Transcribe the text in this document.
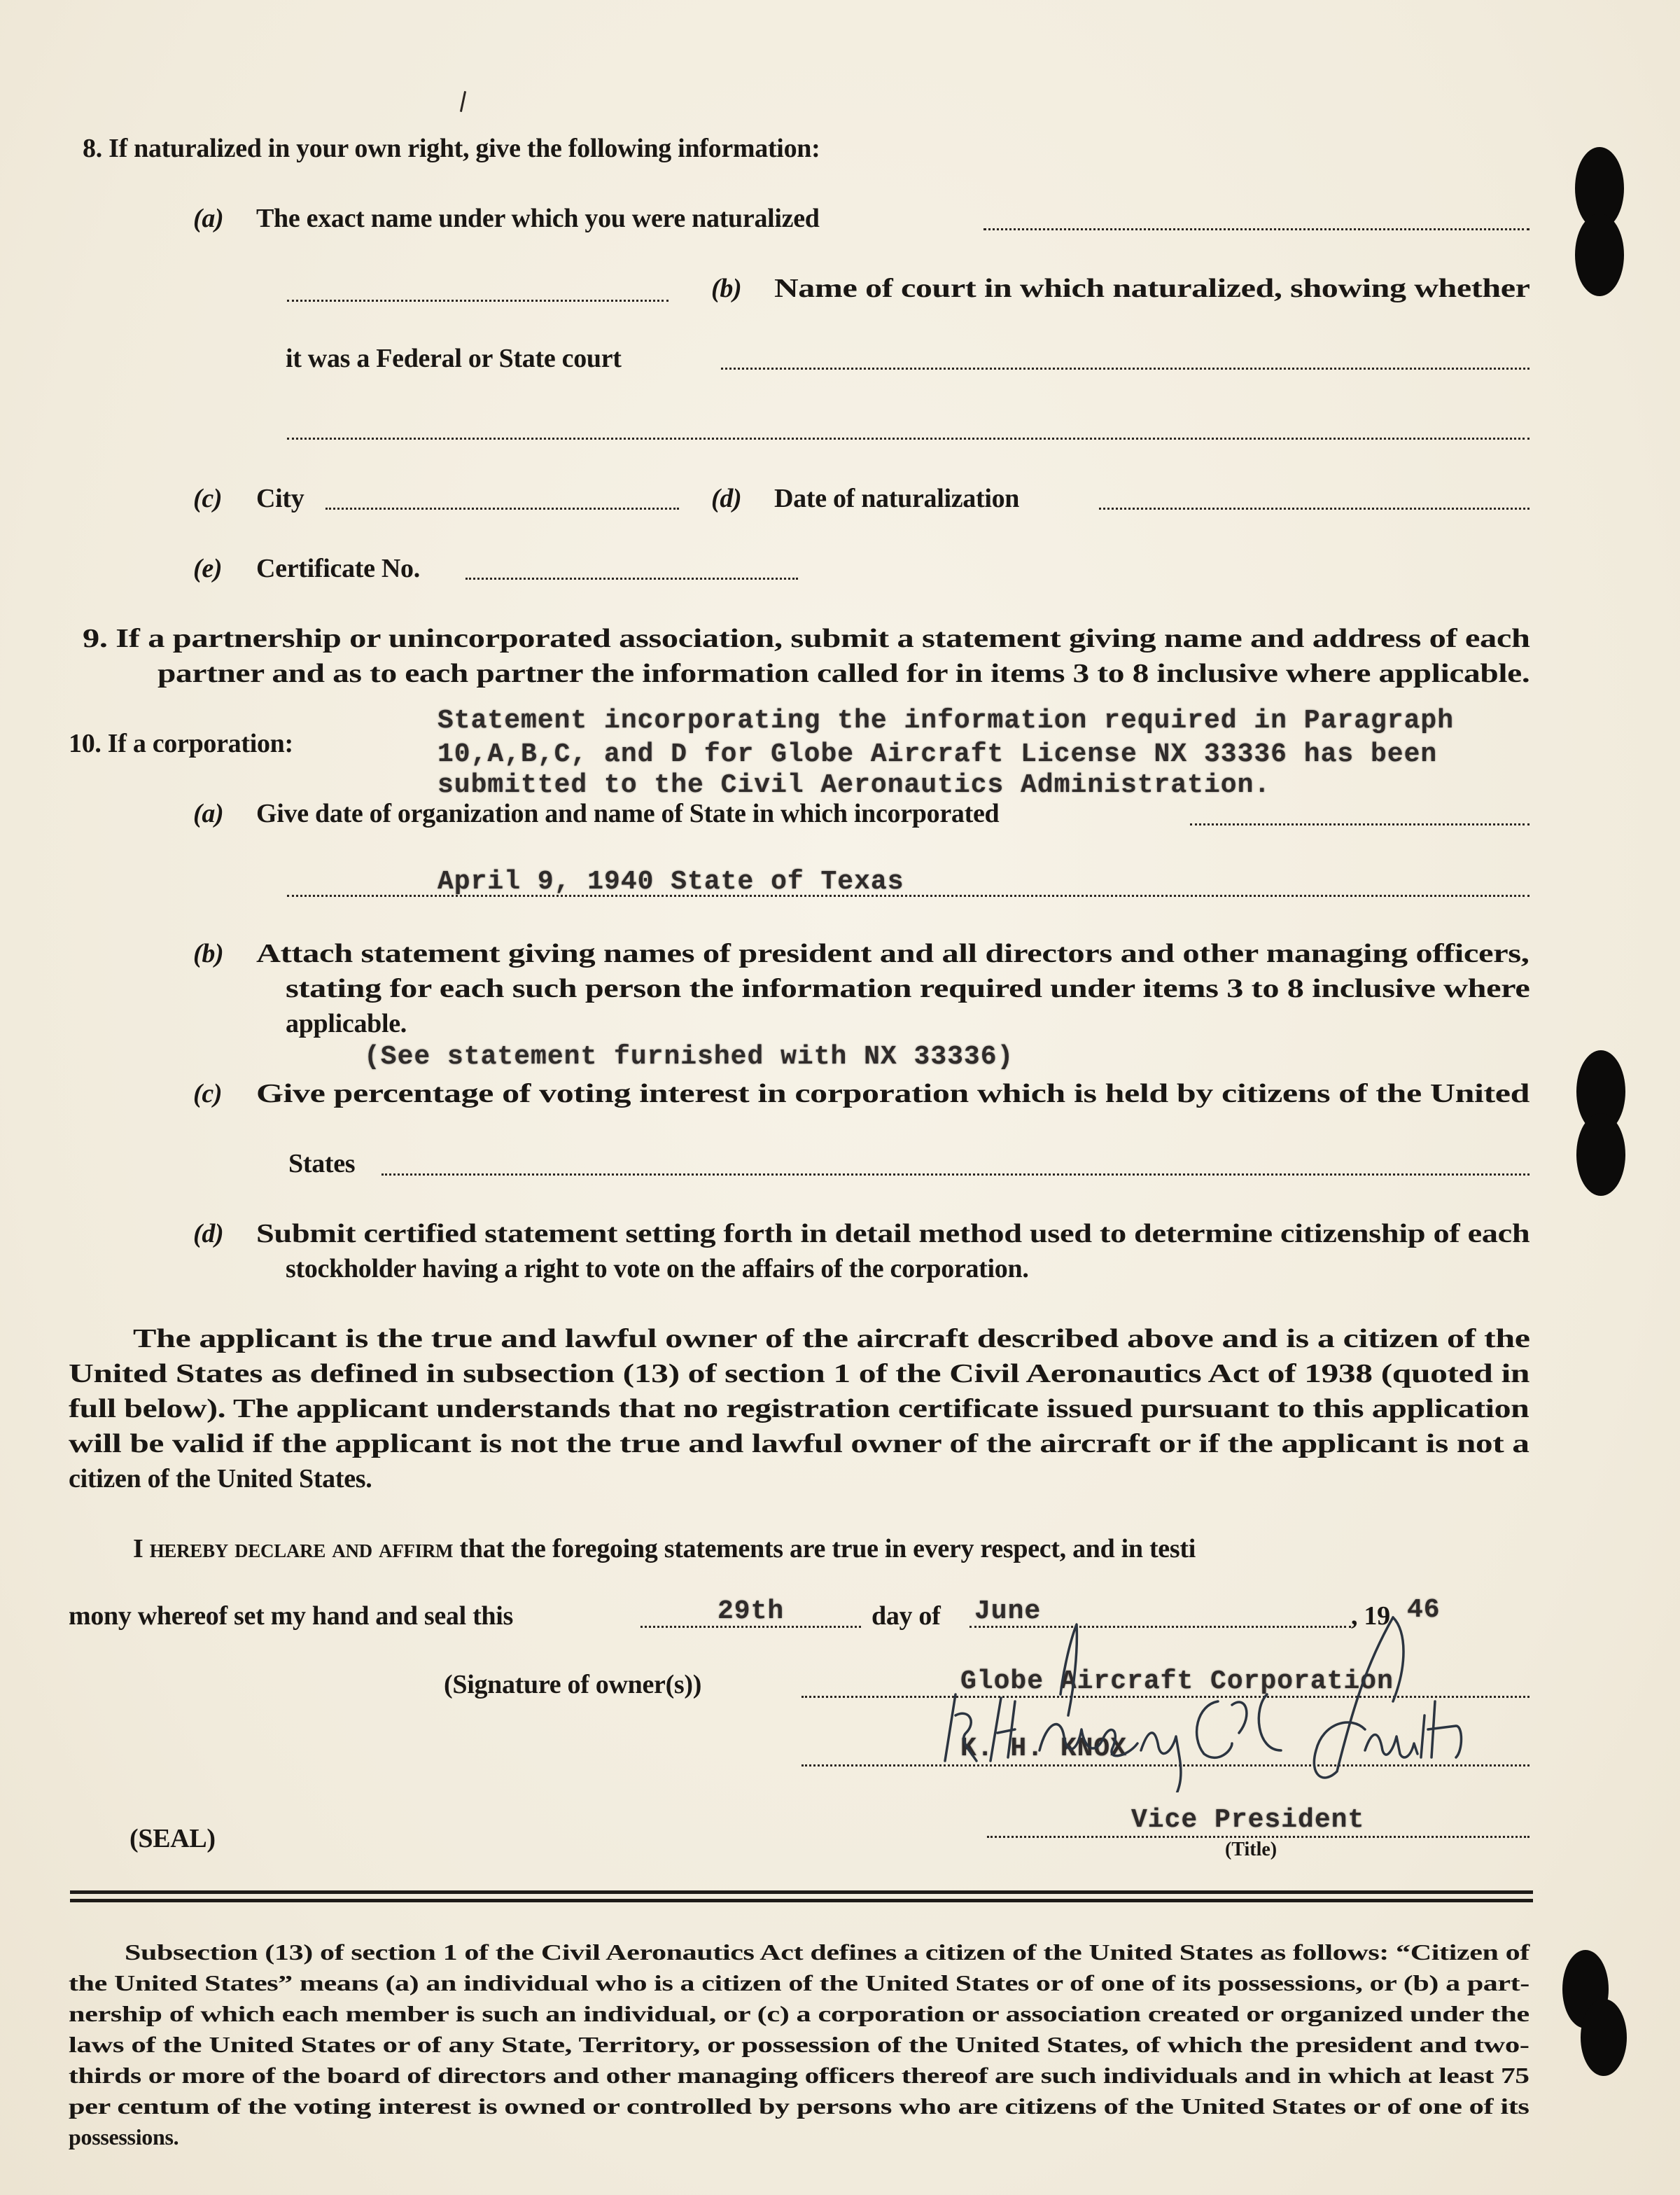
8. If naturalized in your own right, give the following information:
(a) The exact name under which you were naturalized
(b) Name of court in which naturalized, showing whether
it was a Federal or State court
(c) City	(d) Date of naturalization
(e) Certificate No.
9. If a partnership or unincorporated association, submit a statement giving name and address of each
partner and as to each partner the information called for in items 3 to 8 inclusive where applicable.
10. If a corporation:
Statement incorporating the information required in Paragraph
10,A,B,C, and D for Globe Aircraft License NX 33336 has been
submitted to the Civil Aeronautics Administration.
(a) Give date of organization and name of State in which incorporated
April 9, 1940 State of Texas
(b) Attach statement giving names of president and all directors and other managing officers,
stating for each such person the information required under items 3 to 8 inclusive where
applicable.
(See statement furnished with NX 33336)
(c) Give percentage of voting interest in corporation which is held by citizens of the United
States
(d) Submit certified statement setting forth in detail method used to determine citizenship of each
stockholder having a right to vote on the affairs of the corporation.
The applicant is the true and lawful owner of the aircraft described above and is a citizen of the
United States as defined in subsection (13) of section 1 of the Civil Aeronautics Act of 1938 (quoted in
full below). The applicant understands that no registration certificate issued pursuant to this application
will be valid if the applicant is not the true and lawful owner of the aircraft or if the applicant is not a
citizen of the United States.
I hereby declare and affirm that the foregoing statements are true in every respect, and in testi
mony whereof set my hand and seal this	29th	day of June	, 19 46
(Signature of owner(s))	Globe Aircraft Corporation
K. H. KNOX
(SEAL)
Vice President
(Title)
Subsection (13) of section 1 of the Civil Aeronautics Act defines a citizen of the United States as follows: “Citizen of
the United States” means (a) an individual who is a citizen of the United States or of one of its possessions, or (b) a part-
nership of which each member is such an individual, or (c) a corporation or association created or organized under the
laws of the United States or of any State, Territory, or possession of the United States, of which the president and two-
thirds or more of the board of directors and other managing officers thereof are such individuals and in which at least 75
per centum of the voting interest is owned or controlled by persons who are citizens of the United States or of one of its
possessions.
